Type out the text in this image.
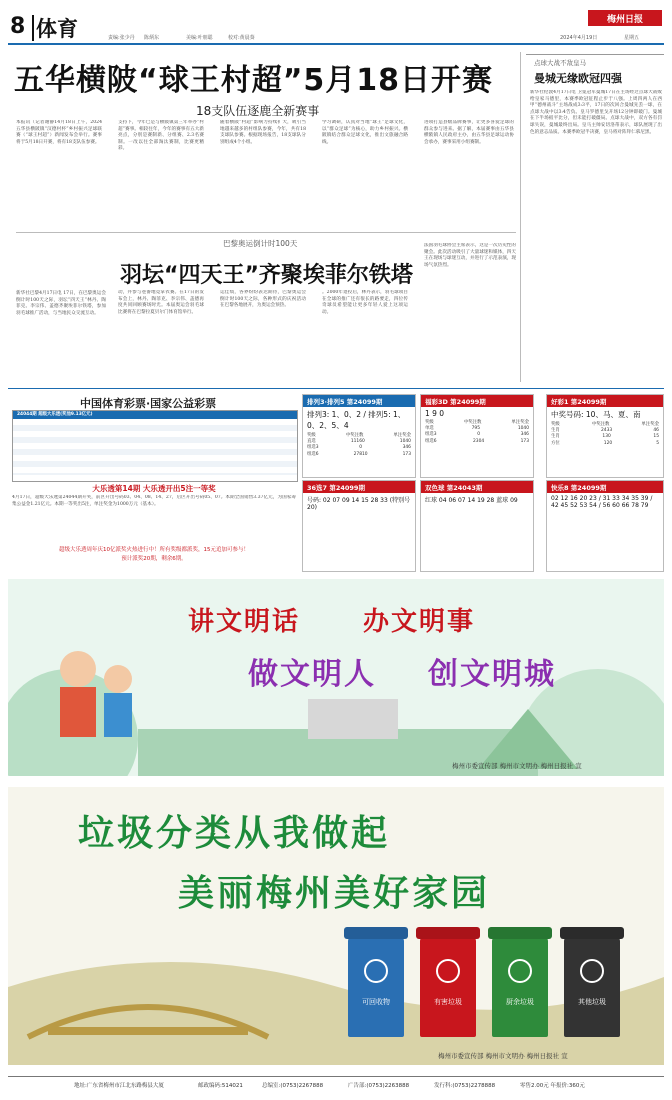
8 体育	责编:张少丹 陈炳东	美编:叶朋聪	校对:黄晨葵	2024年4月19日	星期五
梅州日报
五华横陂“球王村超”5月18日开赛
18支队伍逐鹿全新赛事
本报讯（记者谢静14月18日上午，2024五华县横陂镇“汉德村杯”乡村振兴足球联赛（“球王村超”）新闻发布会举行。赛事将于5月18日开赛，将有18支队伍参赛。
支持下，今年已是与横陂镇第三年举办“村超”赛事。相较往年，今年的赛事有五大新亮点，分别是赛制新、分组赛、2.3名赛制。一改以往全部淘汰赛制，比赛更精彩。
随着横陂“村超”影响力持续扩大，吸引当地越来越多的村组队参赛，今年，共有18支球队参赛。根据现场报告，18支球队分别组成4个小组。
学习调研，认真对当地“球王”足球文化，以“群众足球”为核心，助力乡村振兴。横陂镇结合群众足球文化，推出文旅融合路线。
进项打造县级品牌赛事，让更多喜爱足球的群众参与进来。据了解，本届赛事由五华县横陂镇人民政府主办，由五华县足球运动协会承办，赛事采用小组赛制。
点球大战不敌皇马
曼城无缘欧冠四强
新华社伦敦4月17日电 卫冕冠军曼城17日在主场经过点球大战败给皇家马德里，本赛季欧冠征程止步于八强。上周四两人在西甲“德州战斗”主场战成3:3平，17日的次回合曼城先丢一球，在点球大战中以3:4告负。皇马罗德里戈开场12分钟即破门。曼城在下半场扳平比分，但未能打破僵局。点球大战中，双方各有罚球失误，曼城最终出局。皇马主帅安切洛蒂表示，球队展现了出色的意志品质。本赛季欧冠半决赛，皇马将对阵拜仁慕尼黑。
巴黎奥运倒计时100天
羽坛“四天王”齐聚埃菲尔铁塔
新华社巴黎4月17日电 17日，在巴黎奥运会倒计时100天之际，羽坛“四天王”林丹、陶菲克、李宗伟、盖德齐聚埃菲尔铁塔，参加羽毛球推广活动，与当地民众交流互动。
动，并参与巷番地竞拿衣赛。在17日的发布会上，林丹、陶菲克、李宗伟、盖德再度共同回顾赛场时光。本届奥运会羽毛球比赛将在巴黎拉夏贝尔门体育馆举行。
运佳绩，各界纷纷表达期待，巴黎奥运会倒计时100天之际，各种形式的庆祝活动在巴黎各地展开，为奥运会预热。
。2000年退役后，林丹表示，羽毛球项目在全球的推广还有很长的路要走，四位传奇球员希望能让更多年轻人爱上这项运动。
法国羽毛球协会主席表示，这是一次历史性的聚会。此次活动吸引了大量球迷和媒体，四天王在现场与球迷互动，并进行了示范表演，现场气氛热烈。
中国体育彩票·国家公益彩票
24044期 超级大乐透(奖池9.13亿元)
大乐透第14期 大乐透开出5注一等奖
4月17日，超级大乐透第24044期开奖，前区开出号码03、04、08、14、27，后区开出号码05、07。本期全国销售3.37亿元，为国家筹集公益金1.21亿元。本期一等奖出5注，单注奖金为1000万元（基本）。
超级大乐透周年庆10亿派奖火热进行中！所有奖级都派奖，15元追加可参与！
预计派奖20期，剩余6期。
排列3·排列5 第24099期
排列3: 1、0、2 / 排列5: 1、0、2、5、4
奖级	中奖注数	单注奖金
直选	11160	1040
组选3	0	346
组选6	27810	173
福彩3D 第24099期
1 9 0
奖级	中奖注数	单注奖金
单选	795	1040
组选3	0	346
组选6	2304	173
好彩1 第24099期
中奖号码: 10、马、夏、南
奖级	中奖注数	单注奖金
生肖	2433	46
生肖	130	15
方位	120	5
36选7 第24099期
号码: 02 07 09 14 15 28 33 (特别号 20)
双色球 第24043期
红球 04 06 07 14 19 28 蓝球 09
快乐8 第24099期
02 12 16 20 23 / 31 33 34 35 39 / 42 45 52 53 54 / 56 60 66 78 79
讲文明话 办文明事
做文明人 创文明城
梅州市委宣传部 梅州市文明办 梅州日报社 宣
垃圾分类从我做起
美丽梅州美好家园
可回收物	有害垃圾	厨余垃圾	其他垃圾
梅州市委宣传部 梅州市文明办 梅州日报社 宣
地址:广东省梅州市江北东路梅县大厦	邮政编码:514021	总编室:(0753)2267888	广告部:(0753)2263888	发行科:(0753)2278888	零售2.00元 年报价:360元
